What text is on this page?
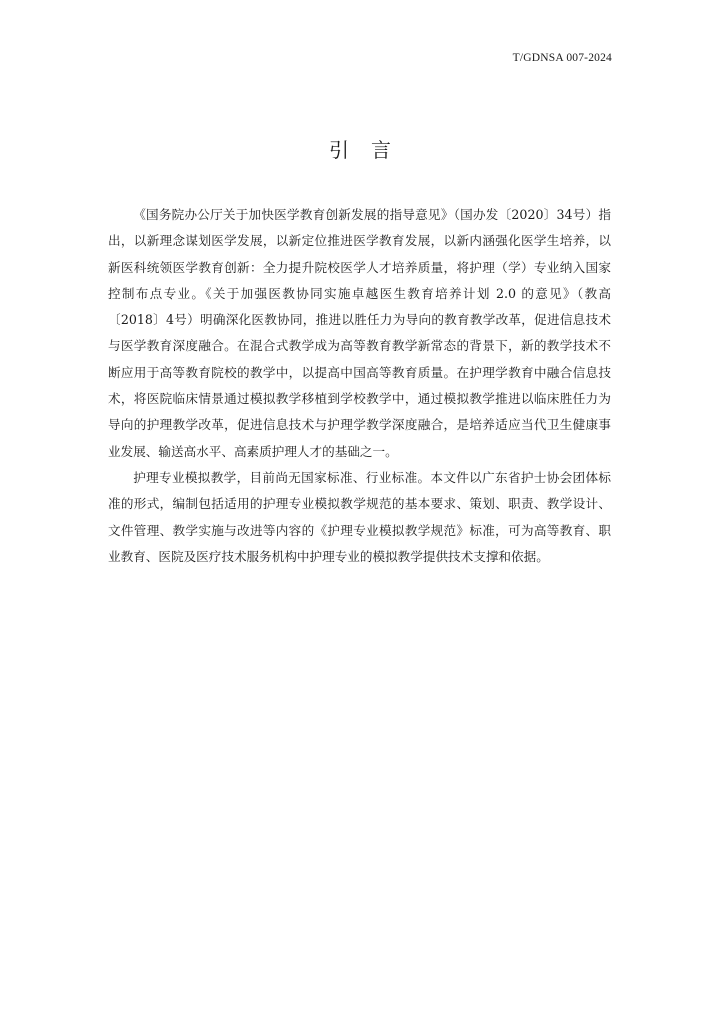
T/GDNSA 007-2024
引言

《国务院办公厅关于加快医学教育创新发展的指导意见》（国办发〔2020〕34号）指出，以新理念谋划医学发展，以新定位推进医学教育发展，以新内涵强化医学生培养，以新医科统领医学教育创新：全力提升院校医学人才培养质量，将护理（学）专业纳入国家控制布点专业。《关于加强医教协同实施卓越医生教育培养计划 2.0 的意见》（教高〔2018〕4号）明确深化医教协同，推进以胜任力为导向的教育教学改革，促进信息技术与医学教育深度融合。在混合式教学成为高等教育教学新常态的背景下，新的教学技术不断应用于高等教育院校的教学中，以提高中国高等教育质量。在护理学教育中融合信息技术，将医院临床情景通过模拟教学移植到学校教学中，通过模拟教学推进以临床胜任力为导向的护理教学改革，促进信息技术与护理学教学深度融合，是培养适应当代卫生健康事业发展、输送高水平、高素质护理人才的基础之一。

护理专业模拟教学，目前尚无国家标准、行业标准。本文件以广东省护士协会团体标准的形式，编制包括适用的护理专业模拟教学规范的基本要求、策划、职责、教学设计、文件管理、教学实施与改进等内容的《护理专业模拟教学规范》标准，可为高等教育、职业教育、医院及医疗技术服务机构中护理专业的模拟教学提供技术支撑和依据。
